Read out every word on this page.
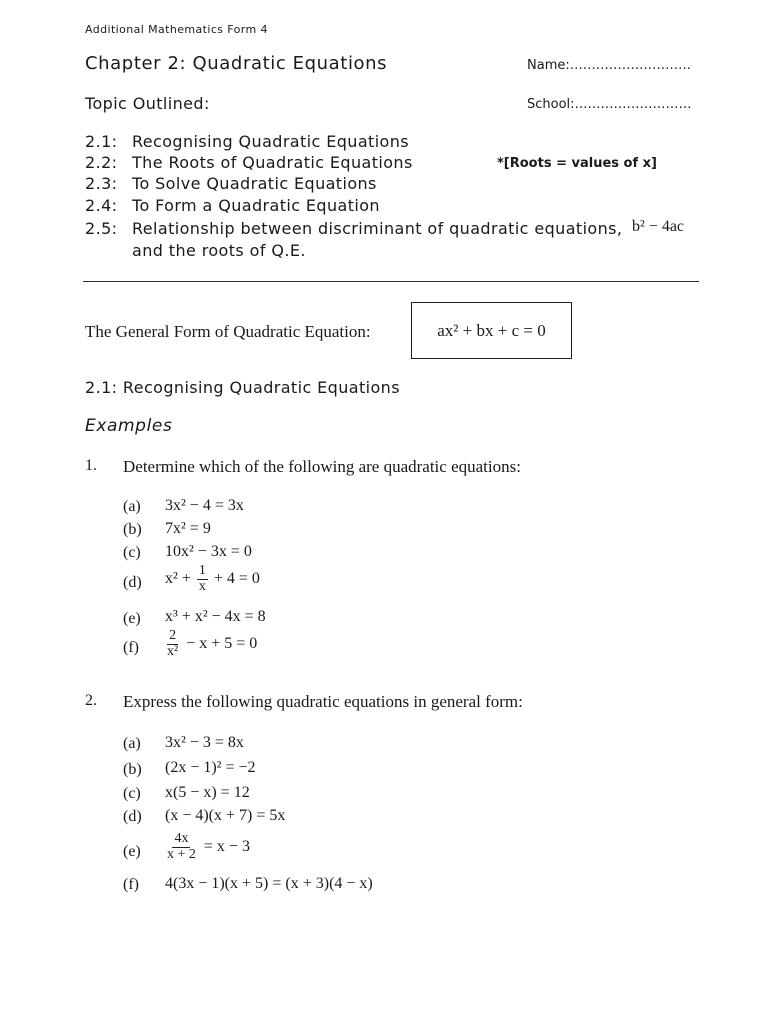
Additional Mathematics Form 4
Chapter 2: Quadratic Equations	Name:……………………….
Topic Outlined:	School:………………………
2.1: Recognising Quadratic Equations
2.2: The Roots of Quadratic Equations	*[Roots = values of x]
2.3: To Solve Quadratic Equations
2.4: To Form a Quadratic Equation
2.5: Relationship between discriminant of quadratic equations, b² − 4ac
and the roots of Q.E.
The General Form of Quadratic Equation:	ax² + bx + c = 0
2.1: Recognising Quadratic Equations
Examples
1. Determine which of the following are quadratic equations:
(a) 3x² − 4 = 3x
(b) 7x² = 9
(c) 10x² − 3x = 0
(d) $x^2 + \frac{1}{x} + 4 = 0$
(e) x³ + x² − 4x = 8
$(f) \frac{2}{\text{x²}} - x + 5 = 0$
2. Express the following quadratic equations in general form:
(a) 3x² − 3 = 8x
(b) (2x − 1)² = −2
(c) x(5 − x) = 12
(d) (x − 4)(x + 7) = 5x
$(e) \frac{4x}{x + 2} = x - 3$
(f) 4(3x − 1)(x + 5) = (x + 3)(4 − x)
